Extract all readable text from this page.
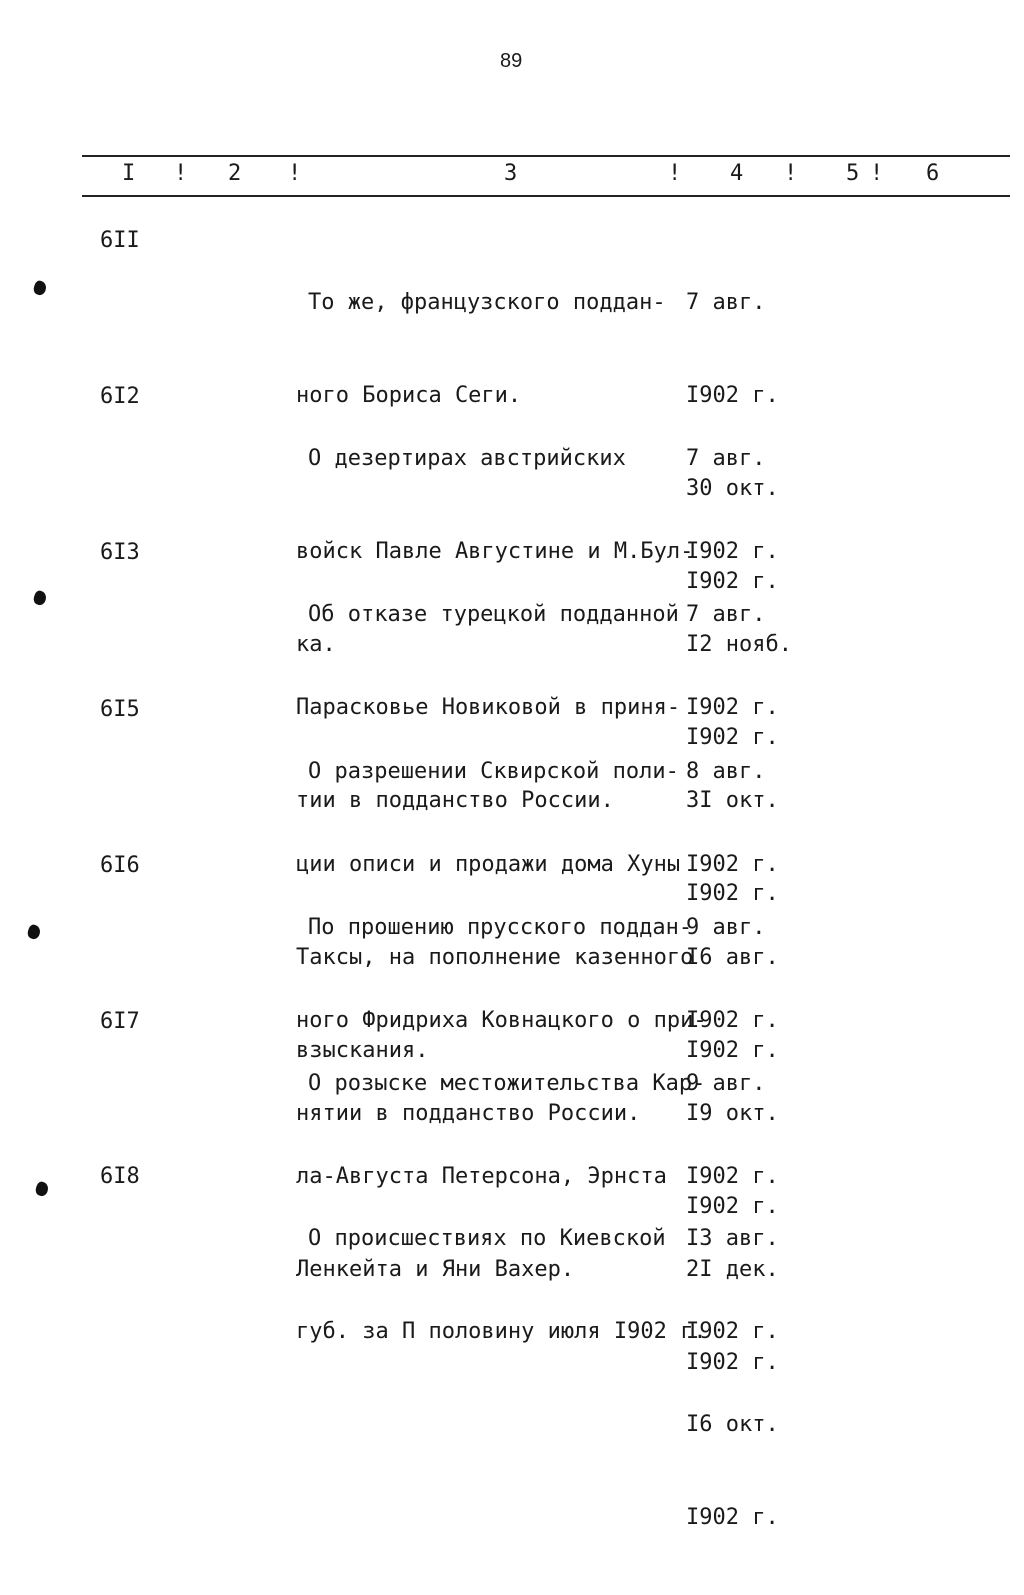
89
I ! 2 !	3	! 4 ! 5 ! 6
6II

То же, французского поддан-

ного Бориса Сеги.

7 авг.

I902 г.

30 окт.

I902 г.

6I2

О дезертирах австрийских

войск Павле Августине и М.Бул-

ка.

7 авг.

I902 г.

I2 нояб.

I902 г.

6I3

Об отказе турецкой подданной

Парасковье Новиковой в приня-

тии в подданство России.

7 авг.

I902 г.

3I окт.

I902 г.

6I5

О разрешении Сквирской поли-

ции описи и продажи дома Хуны

Таксы, на пополнение казенного

взыскания.

8 авг.

I902 г.

I6 авг.

I902 г.

6I6

По прошению прусского поддан-

ного Фридриха Ковнацкого о при-

нятии в подданство России.

9 авг.

I902 г.

I9 окт.

I902 г.

6I7

О розыске местожительства Кар-

ла-Августа Петерсона, Эрнста

Ленкейта и Яни Вахер.

9 авг.

I902 г.

2I дек.

I902 г.

6I8

О происшествиях по Киевской

губ. за П половину июля I902 г.

I3 авг.

I902 г.

I6 окт.

I902 г.
